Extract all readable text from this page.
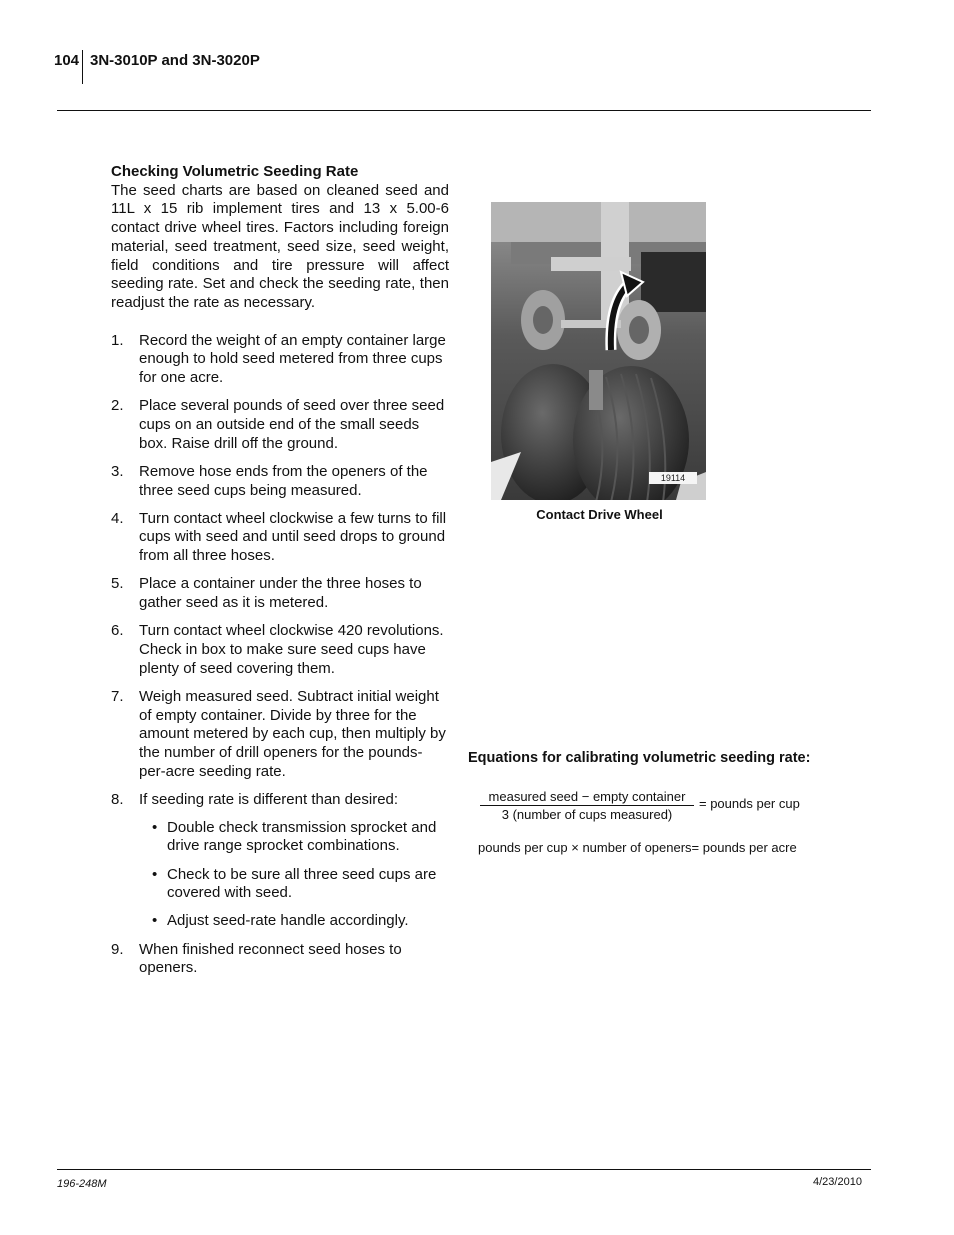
104 3N-3010P and 3N-3020P
Checking Volumetric Seeding Rate

The seed charts are based on cleaned seed and 11L x 15 rib implement tires and 13 x 5.00-6 contact drive wheel tires. Factors including foreign material, seed treatment, seed size, seed weight, field conditions and tire pressure will affect seeding rate. Set and check the seeding rate, then readjust the rate as necessary.

1. Record the weight of an empty container large enough to hold seed metered from three cups for one acre.
2. Place several pounds of seed over three seed cups on an outside end of the small seeds box. Raise drill off the ground.
3. Remove hose ends from the openers of the three seed cups being measured.
4. Turn contact wheel clockwise a few turns to fill cups with seed and until seed drops to ground from all three hoses.
5. Place a container under the three hoses to gather seed as it is metered.
6. Turn contact wheel clockwise 420 revolutions. Check in box to make sure seed cups have plenty of seed covering them.
7. Weigh measured seed. Subtract initial weight of empty container. Divide by three for the amount metered by each cup, then multiply by the number of drill openers for the pounds-per-acre seeding rate.
8. If seeding rate is different than desired:
• Double check transmission sprocket and drive range sprocket combinations.
• Check to be sure all three seed cups are covered with seed.
• Adjust seed-rate handle accordingly.
9. When finished reconnect seed hoses to openers.
19114
Contact Drive Wheel
Equations for calibrating volumetric seeding rate:
measured seed − empty container
3 (number of cups measured)
= pounds per cup
pounds per cup × number of openers= pounds per acre
196-248M	4/23/2010
